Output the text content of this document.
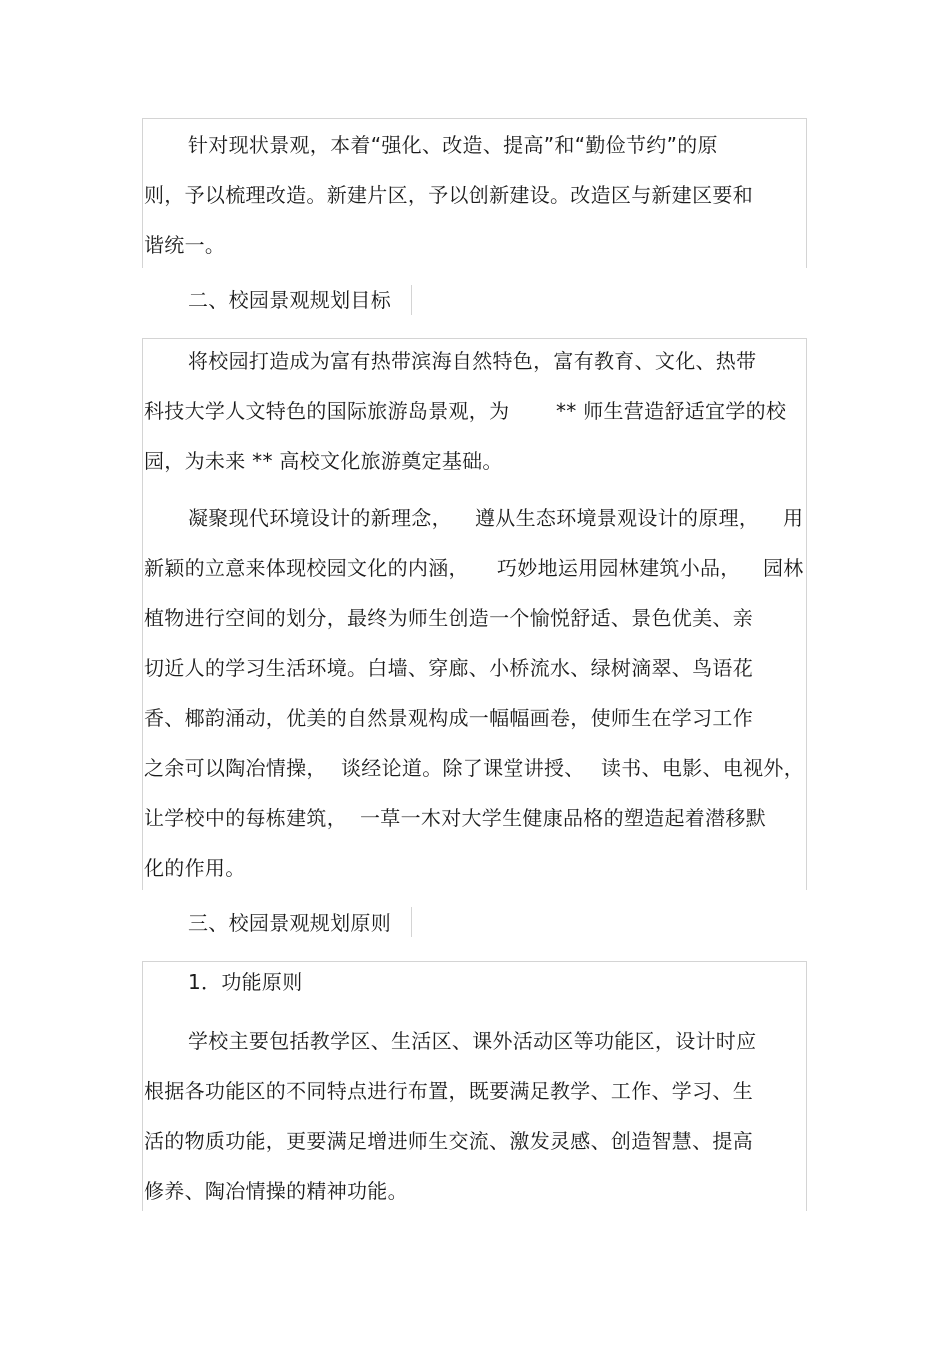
针对现状景观，本着“强化、改造、提高”和“勤俭节约”的原
则，予以梳理改造。新建片区，予以创新建设。改造区与新建区要和
谐统一。
二、校园景观规划目标
将校园打造成为富有热带滨海自然特色，富有教育、文化、热带
科技大学人文特色的国际旅游岛景观，为 ** 师生营造舒适宜学的校
园，为未来 ** 高校文化旅游奠定基础。
凝聚现代环境设计的新理念， 遵从生态环境景观设计的原理， 用
新颖的立意来体现校园文化的内涵， 巧妙地运用园林建筑小品， 园林
植物进行空间的划分，最终为师生创造一个愉悦舒适、景色优美、亲
切近人的学习生活环境。白墙、穿廊、小桥流水、绿树滴翠、鸟语花
香、椰韵涌动，优美的自然景观构成一幅幅画卷，使师生在学习工作
之余可以陶冶情操， 谈经论道。除了课堂讲授、 读书、电影、电视外，
让学校中的每栋建筑， 一草一木对大学生健康品格的塑造起着潜移默
化的作用。
三、校园景观规划原则
1．功能原则
学校主要包括教学区、生活区、课外活动区等功能区，设计时应
根据各功能区的不同特点进行布置，既要满足教学、工作、学习、生
活的物质功能，更要满足增进师生交流、激发灵感、创造智慧、提高
修养、陶冶情操的精神功能。
